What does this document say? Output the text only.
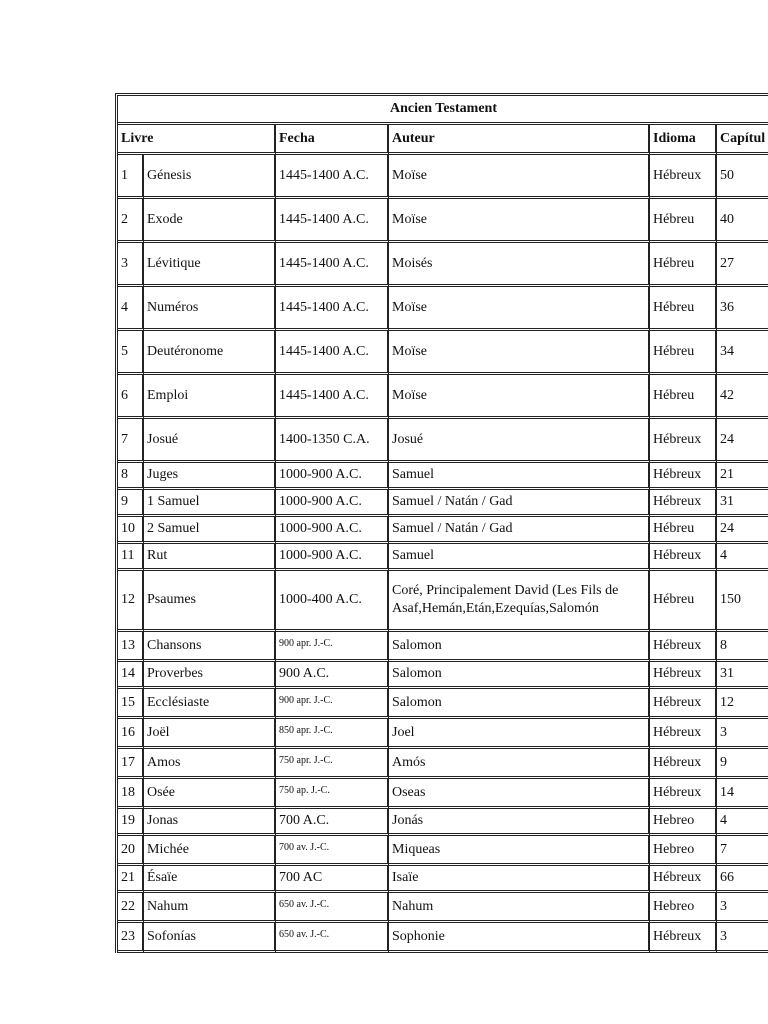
Ancien Testament					
Livre		Fecha	Auteur	Idioma	Capítul
1	Génesis	1445-1400 A.C.	Moïse	Hébreux	50
2	Exode	1445-1400 A.C.	Moïse	Hébreu	40
3	Lévitique	1445-1400 A.C.	Moisés	Hébreu	27
4	Numéros	1445-1400 A.C.	Moïse	Hébreu	36
5	Deutéronome	1445-1400 A.C.	Moïse	Hébreu	34
6	Emploi	1445-1400 A.C.	Moïse	Hébreu	42
7	Josué	1400-1350 C.A.	Josué	Hébreux	24
8	Juges	1000-900 A.C.	Samuel	Hébreux	21
9	1 Samuel	1000-900 A.C.	Samuel / Natán / Gad	Hébreux	31
10	2 Samuel	1000-900 A.C.	Samuel / Natán / Gad	Hébreu	24
11	Rut	1000-900 A.C.	Samuel	Hébreux	4
12	Psaumes	1000-400 A.C.	Coré, Principalement David (Les Fils de Asaf,Hemán,Etán,Ezequías,Salomón	Hébreu	150
13	Chansons	900 apr. J.-C.	Salomon	Hébreux	8
14	Proverbes	900 A.C.	Salomon	Hébreux	31
15	Ecclésiaste	900 apr. J.-C.	Salomon	Hébreux	12
16	Joël	850 apr. J.-C.	Joel	Hébreux	3
17	Amos	750 apr. J.-C.	Amós	Hébreux	9
18	Osée	750 ap. J.-C.	Oseas	Hébreux	14
19	Jonas	700 A.C.	Jonás	Hebreo	4
20	Michée	700 av. J.-C.	Miqueas	Hebreo	7
21	Ésaïe	700 AC	Isaïe	Hébreux	66
22	Nahum	650 av. J.-C.	Nahum	Hebreo	3
23	Sofonías	650 av. J.-C.	Sophonie	Hébreux	3
